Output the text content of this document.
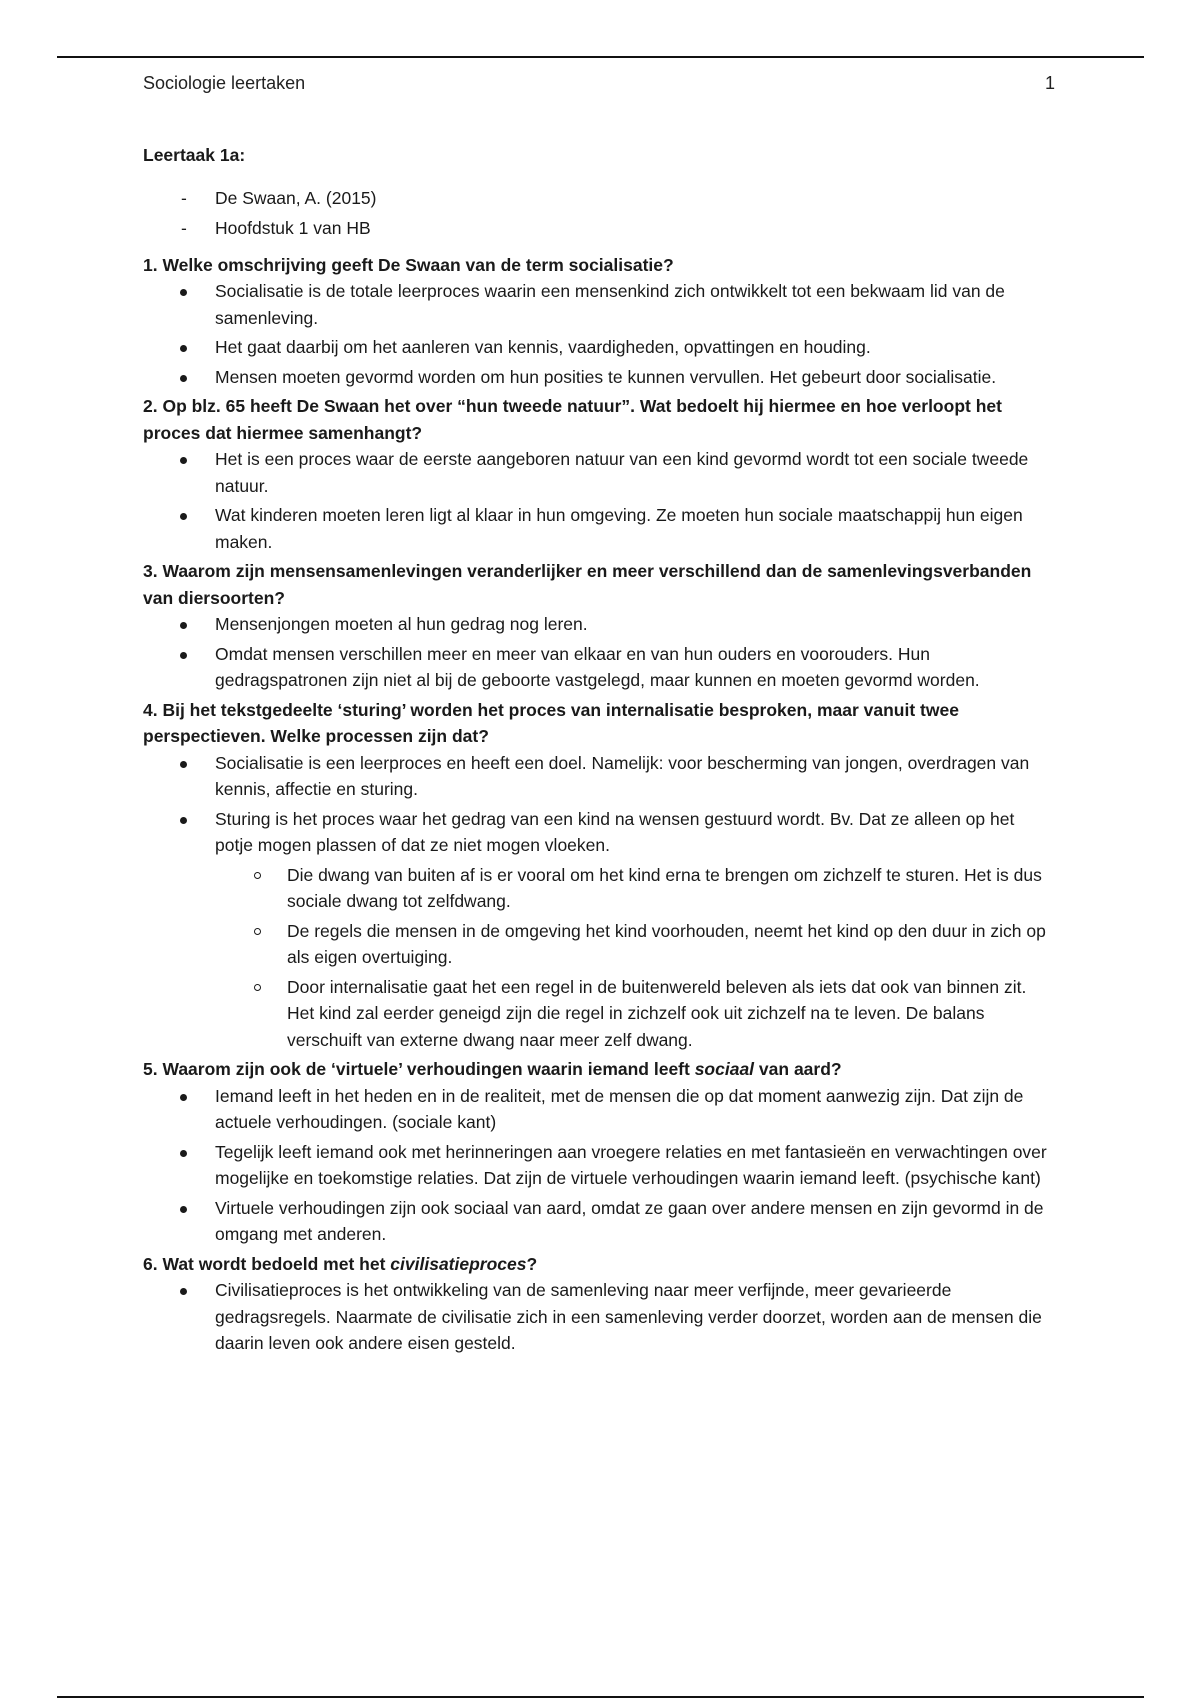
Sociologie leertaken	1

Leertaak 1a:

- De Swaan, A. (2015)
- Hoofdstuk 1 van HB

1. Welke omschrijving geeft De Swaan van de term socialisatie?

Socialisatie is de totale leerproces waarin een mensenkind zich ontwikkelt tot een bekwaam lid van de samenleving.
Het gaat daarbij om het aanleren van kennis, vaardigheden, opvattingen en houding.
Mensen moeten gevormd worden om hun posities te kunnen vervullen. Het gebeurt door socialisatie.

2. Op blz. 65 heeft De Swaan het over “hun tweede natuur”. Wat bedoelt hij hiermee en hoe verloopt het proces dat hiermee samenhangt?

Het is een proces waar de eerste aangeboren natuur van een kind gevormd wordt tot een sociale tweede natuur.
Wat kinderen moeten leren ligt al klaar in hun omgeving. Ze moeten hun sociale maatschappij hun eigen maken.

3. Waarom zijn mensensamenlevingen veranderlijker en meer verschillend dan de samenlevingsverbanden van diersoorten?

Mensenjongen moeten al hun gedrag nog leren.
Omdat mensen verschillen meer en meer van elkaar en van hun ouders en voorouders. Hun gedragspatronen zijn niet al bij de geboorte vastgelegd, maar kunnen en moeten gevormd worden.

4. Bij het tekstgedeelte ‘sturing’ worden het proces van internalisatie besproken, maar vanuit twee perspectieven. Welke processen zijn dat?

Socialisatie is een leerproces en heeft een doel. Namelijk: voor bescherming van jongen, overdragen van kennis, affectie en sturing.
Sturing is het proces waar het gedrag van een kind na wensen gestuurd wordt. Bv. Dat ze alleen op het potje mogen plassen of dat ze niet mogen vloeken.
Die dwang van buiten af is er vooral om het kind erna te brengen om zichzelf te sturen. Het is dus sociale dwang tot zelfdwang.
De regels die mensen in de omgeving het kind voorhouden, neemt het kind op den duur in zich op als eigen overtuiging.
Door internalisatie gaat het een regel in de buitenwereld beleven als iets dat ook van binnen zit. Het kind zal eerder geneigd zijn die regel in zichzelf ook uit zichzelf na te leven. De balans verschuift van externe dwang naar meer zelf dwang.

5. Waarom zijn ook de ‘virtuele’ verhoudingen waarin iemand leeft sociaal van aard?

Iemand leeft in het heden en in de realiteit, met de mensen die op dat moment aanwezig zijn. Dat zijn de actuele verhoudingen. (sociale kant)
Tegelijk leeft iemand ook met herinneringen aan vroegere relaties en met fantasieën en verwachtingen over mogelijke en toekomstige relaties. Dat zijn de virtuele verhoudingen waarin iemand leeft. (psychische kant)
Virtuele verhoudingen zijn ook sociaal van aard, omdat ze gaan over andere mensen en zijn gevormd in de omgang met anderen.

6. Wat wordt bedoeld met het civilisatieproces?

Civilisatieproces is het ontwikkeling van de samenleving naar meer verfijnde, meer gevarieerde gedragsregels. Naarmate de civilisatie zich in een samenleving verder doorzet, worden aan de mensen die daarin leven ook andere eisen gesteld.
